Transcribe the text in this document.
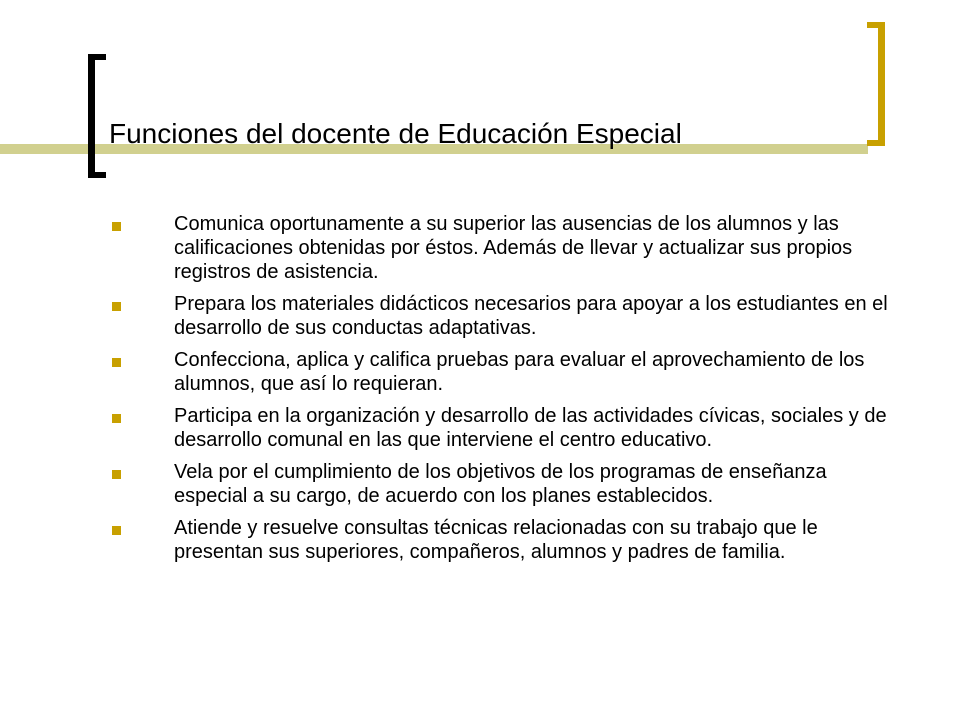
Funciones del docente de Educación Especial
Comunica oportunamente a su superior las ausencias de los alumnos y las calificaciones obtenidas por éstos. Además de llevar y actualizar sus propios registros de asistencia.
Prepara los materiales didácticos necesarios para apoyar a los estudiantes en el desarrollo de sus conductas adaptativas.
Confecciona, aplica y califica pruebas para evaluar el aprovechamiento de los alumnos, que así lo requieran.
Participa en la organización y desarrollo de las actividades cívicas, sociales y de desarrollo comunal en las que interviene el centro educativo.
Vela por el cumplimiento de los objetivos de los programas de enseñanza especial a su cargo, de acuerdo con los planes establecidos.
Atiende y resuelve consultas técnicas relacionadas con su trabajo que le presentan sus superiores, compañeros, alumnos y padres de familia.
